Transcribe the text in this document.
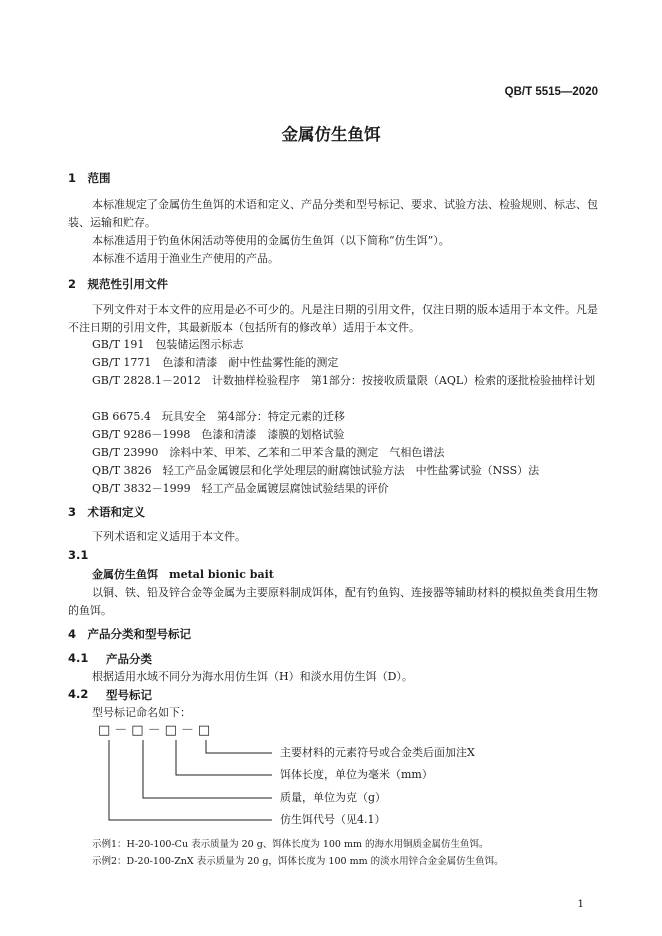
QB/T 5515—2020
金属仿生鱼饵
1　范围
本标准规定了金属仿生鱼饵的术语和定义、产品分类和型号标记、要求、试验方法、检验规则、标志、包装、运输和贮存。
本标准适用于钓鱼休闲活动等使用的金属仿生鱼饵（以下简称“仿生饵”）。
本标准不适用于渔业生产使用的产品。
2　规范性引用文件
下列文件对于本文件的应用是必不可少的。凡是注日期的引用文件，仅注日期的版本适用于本文件。凡是不注日期的引用文件，其最新版本（包括所有的修改单）适用于本文件。
GB/T 191　包装储运图示标志
GB/T 1771　色漆和清漆　耐中性盐雾性能的测定
GB/T 2828.1－2012　计数抽样检验程序　第1部分：按接收质量限（AQL）检索的逐批检验抽样计划
GB 6675.4　玩具安全　第4部分：特定元素的迁移
GB/T 9286－1998　色漆和清漆　漆膜的划格试验
GB/T 23990　涂料中苯、甲苯、乙苯和二甲苯含量的测定　气相色谱法
QB/T 3826　轻工产品金属镀层和化学处理层的耐腐蚀试验方法　中性盐雾试验（NSS）法
QB/T 3832－1999　轻工产品金属镀层腐蚀试验结果的评价
3　术语和定义
下列术语和定义适用于本文件。
3.1
金属仿生鱼饵　metal bionic bait
以铜、铁、铅及锌合金等金属为主要原料制成饵体，配有钓鱼钩、连接器等辅助材料的模拟鱼类食用生物的鱼饵。
4　产品分类和型号标记
4.1 产品分类
根据适用水域不同分为海水用仿生饵（H）和淡水用仿生饵（D）。
4.2 型号标记
型号标记命名如下：
□－□－□－□
主要材料的元素符号或合金类后面加注X
饵体长度，单位为毫米（mm）
质量，单位为克（g）
仿生饵代号（见4.1）
示例1：H-20-100-Cu 表示质量为 20 g、饵体长度为 100 mm 的海水用铜质金属仿生鱼饵。
示例2：D-20-100-ZnX 表示质量为 20 g，饵体长度为 100 mm 的淡水用锌合金金属仿生鱼饵。
1
